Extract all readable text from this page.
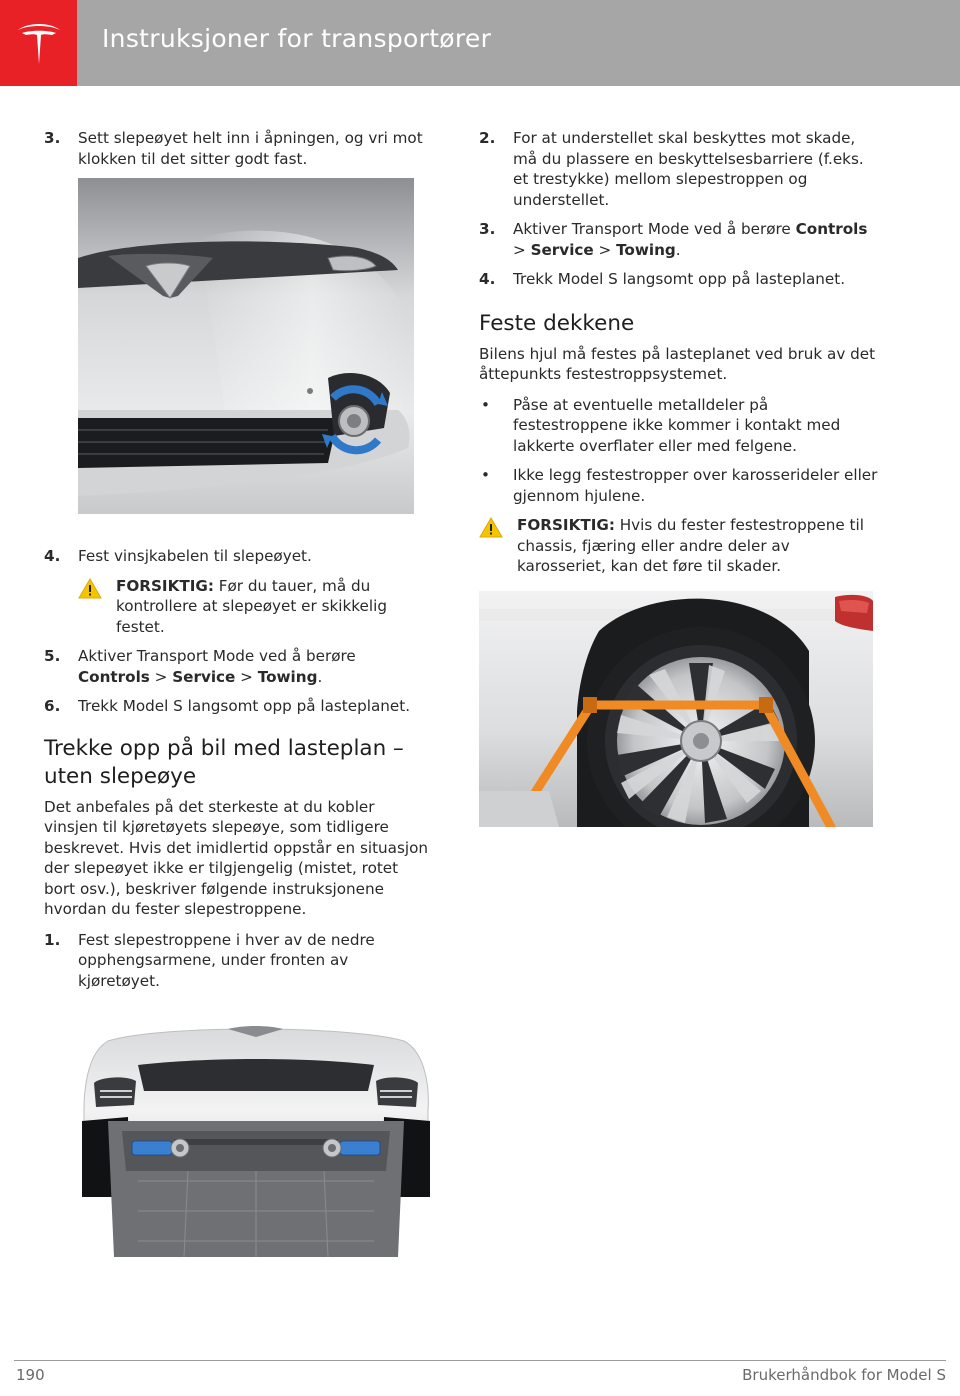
Instruksjoner for transportører
3.	Sett slepeøyet helt inn i åpningen, og vri mot klokken til det sitter godt fast.
4.	Fest vinsjkabelen til slepeøyet.
FORSIKTIG: Før du tauer, må du kontrollere at slepeøyet er skikkelig festet.
5.	Aktiver Transport Mode ved å berøre Controls > Service > Towing.
6.	Trekk Model S langsomt opp på lasteplanet.
Trekke opp på bil med lasteplan – uten slepeøye
Det anbefales på det sterkeste at du kobler vinsjen til kjøretøyets slepeøye, som tidligere beskrevet. Hvis det imidlertid oppstår en situasjon der slepeøyet ikke er tilgjengelig (mistet, rotet bort osv.), beskriver følgende instruksjonene hvordan du fester slepestroppene.
1.	Fest slepestroppene i hver av de nedre opphengsarmene, under fronten av kjøretøyet.
2.	For at understellet skal beskyttes mot skade, må du plassere en beskyttelsesbarriere (f.eks. et trestykke) mellom slepestroppen og understellet.
3.	Aktiver Transport Mode ved å berøre Controls > Service > Towing.
4.	Trekk Model S langsomt opp på lasteplanet.
Feste dekkene
Bilens hjul må festes på lasteplanet ved bruk av det åttepunkts festestroppsystemet.
•	Påse at eventuelle metalldeler på festestroppene ikke kommer i kontakt med lakkerte overflater eller med felgene.
•	Ikke legg festestropper over karosserideler eller gjennom hjulene.
FORSIKTIG: Hvis du fester festestroppene til chassis, fjæring eller andre deler av karosseriet, kan det føre til skader.
190	Brukerhåndbok for Model S
